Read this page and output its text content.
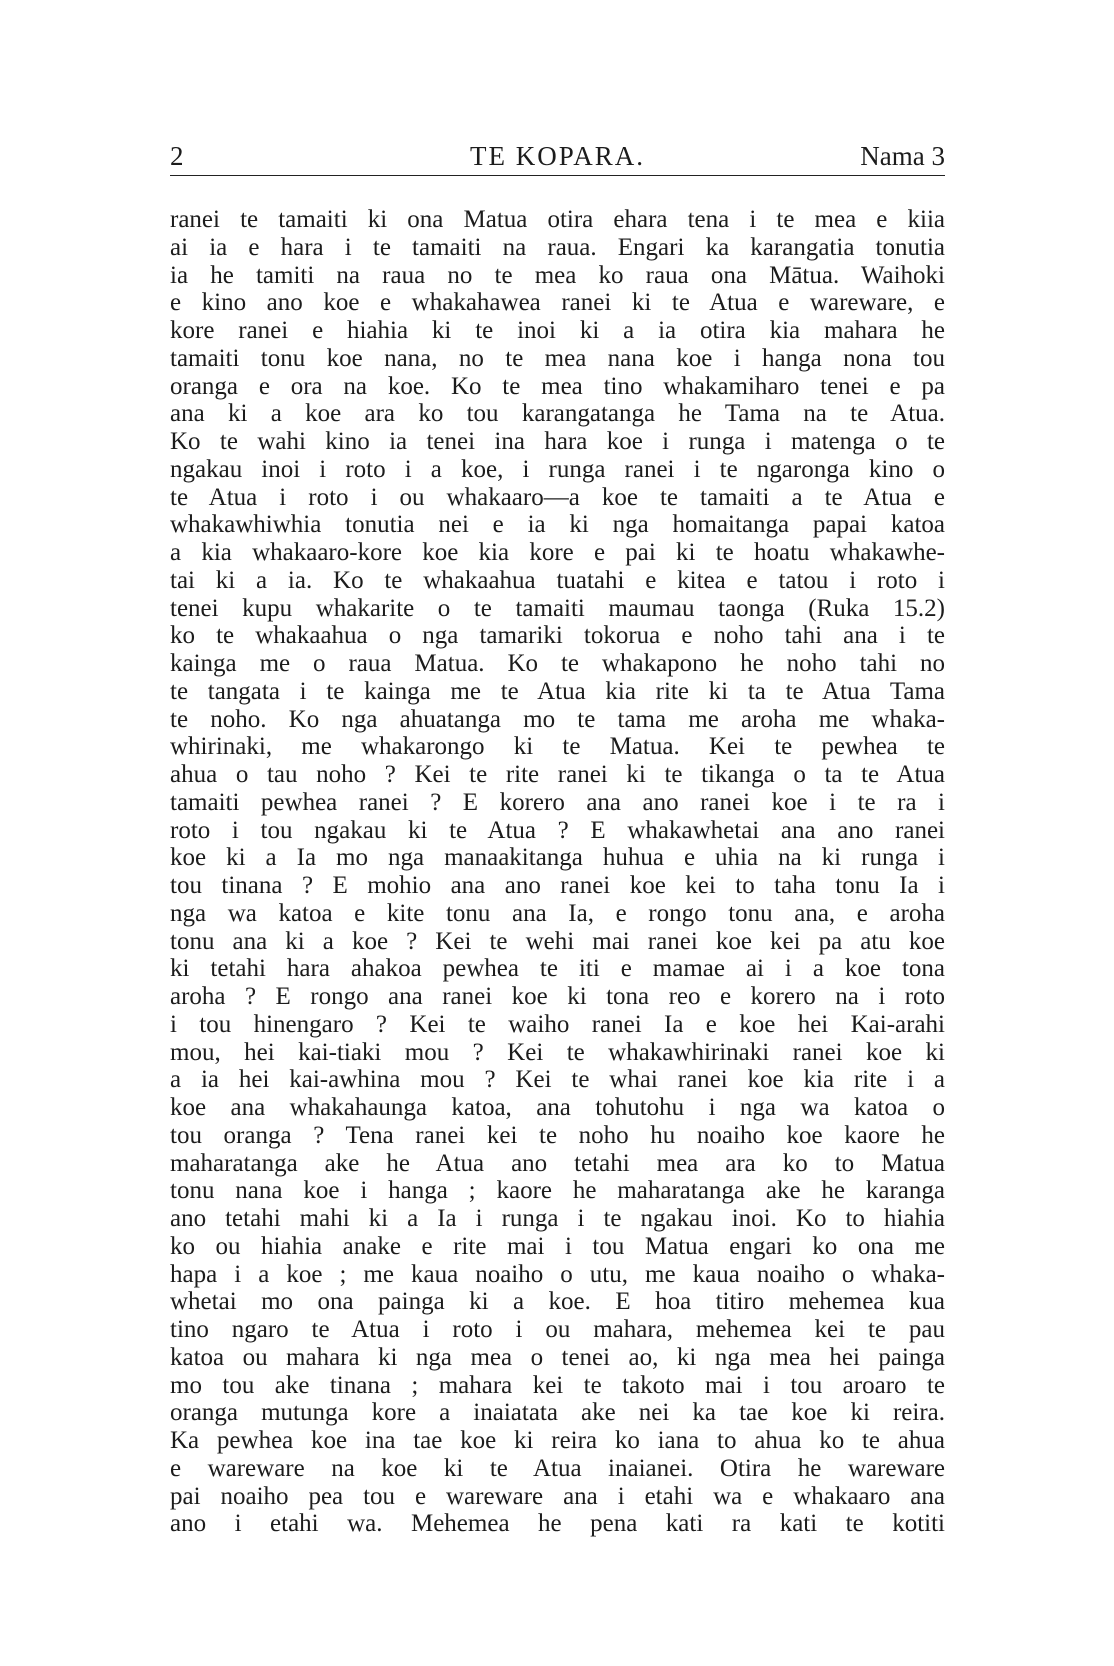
2	TE KOPARA.	Nama 3
ranei te tamaiti ki ona Matua otira ehara tena i te mea e kiia
ai ia e hara i te tamaiti na raua. Engari ka karangatia tonutia
ia he tamiti na raua no te mea ko raua ona Mātua. Waihoki
e kino ano koe e whakahawea ranei ki te Atua e wareware, e
kore ranei e hiahia ki te inoi ki a ia otira kia mahara he
tamaiti tonu koe nana, no te mea nana koe i hanga nona tou
oranga e ora na koe. Ko te mea tino whakamiharo tenei e pa
ana ki a koe ara ko tou karangatanga he Tama na te Atua.
Ko te wahi kino ia tenei ina hara koe i runga i matenga o te
ngakau inoi i roto i a koe, i runga ranei i te ngaronga kino o
te Atua i roto i ou whakaaro—a koe te tamaiti a te Atua e
whakawhiwhia tonutia nei e ia ki nga homaitanga papai katoa
a kia whakaaro-kore koe kia kore e pai ki te hoatu whakawhe-
tai ki a ia. Ko te whakaahua tuatahi e kitea e tatou i roto i
tenei kupu whakarite o te tamaiti maumau taonga (Ruka 15.2)
ko te whakaahua o nga tamariki tokorua e noho tahi ana i te
kainga me o raua Matua. Ko te whakapono he noho tahi no
te tangata i te kainga me te Atua kia rite ki ta te Atua Tama
te noho. Ko nga ahuatanga mo te tama me aroha me whaka-
whirinaki, me whakarongo ki te Matua. Kei te pewhea te
ahua o tau noho ? Kei te rite ranei ki te tikanga o ta te Atua
tamaiti pewhea ranei ? E korero ana ano ranei koe i te ra i
roto i tou ngakau ki te Atua ? E whakawhetai ana ano ranei
koe ki a Ia mo nga manaakitanga huhua e uhia na ki runga i
tou tinana ? E mohio ana ano ranei koe kei to taha tonu Ia i
nga wa katoa e kite tonu ana Ia, e rongo tonu ana, e aroha
tonu ana ki a koe ? Kei te wehi mai ranei koe kei pa atu koe
ki tetahi hara ahakoa pewhea te iti e mamae ai i a koe tona
aroha ? E rongo ana ranei koe ki tona reo e korero na i roto
i tou hinengaro ? Kei te waiho ranei Ia e koe hei Kai-arahi
mou, hei kai-tiaki mou ? Kei te whakawhirinaki ranei koe ki
a ia hei kai-awhina mou ? Kei te whai ranei koe kia rite i a
koe ana whakahaunga katoa, ana tohutohu i nga wa katoa o
tou oranga ? Tena ranei kei te noho hu noaiho koe kaore he
maharatanga ake he Atua ano tetahi mea ara ko to Matua
tonu nana koe i hanga ; kaore he maharatanga ake he karanga
ano tetahi mahi ki a Ia i runga i te ngakau inoi. Ko to hiahia
ko ou hiahia anake e rite mai i tou Matua engari ko ona me
hapa i a koe ; me kaua noaiho o utu, me kaua noaiho o whaka-
whetai mo ona painga ki a koe. E hoa titiro mehemea kua
tino ngaro te Atua i roto i ou mahara, mehemea kei te pau
katoa ou mahara ki nga mea o tenei ao, ki nga mea hei painga
mo tou ake tinana ; mahara kei te takoto mai i tou aroaro te
oranga mutunga kore a inaiatata ake nei ka tae koe ki reira.
Ka pewhea koe ina tae koe ki reira ko iana to ahua ko te ahua
e wareware na koe ki te Atua inaianei. Otira he wareware
pai noaiho pea tou e wareware ana i etahi wa e whakaaro ana
ano i etahi wa. Mehemea he pena kati ra kati te kotiti
